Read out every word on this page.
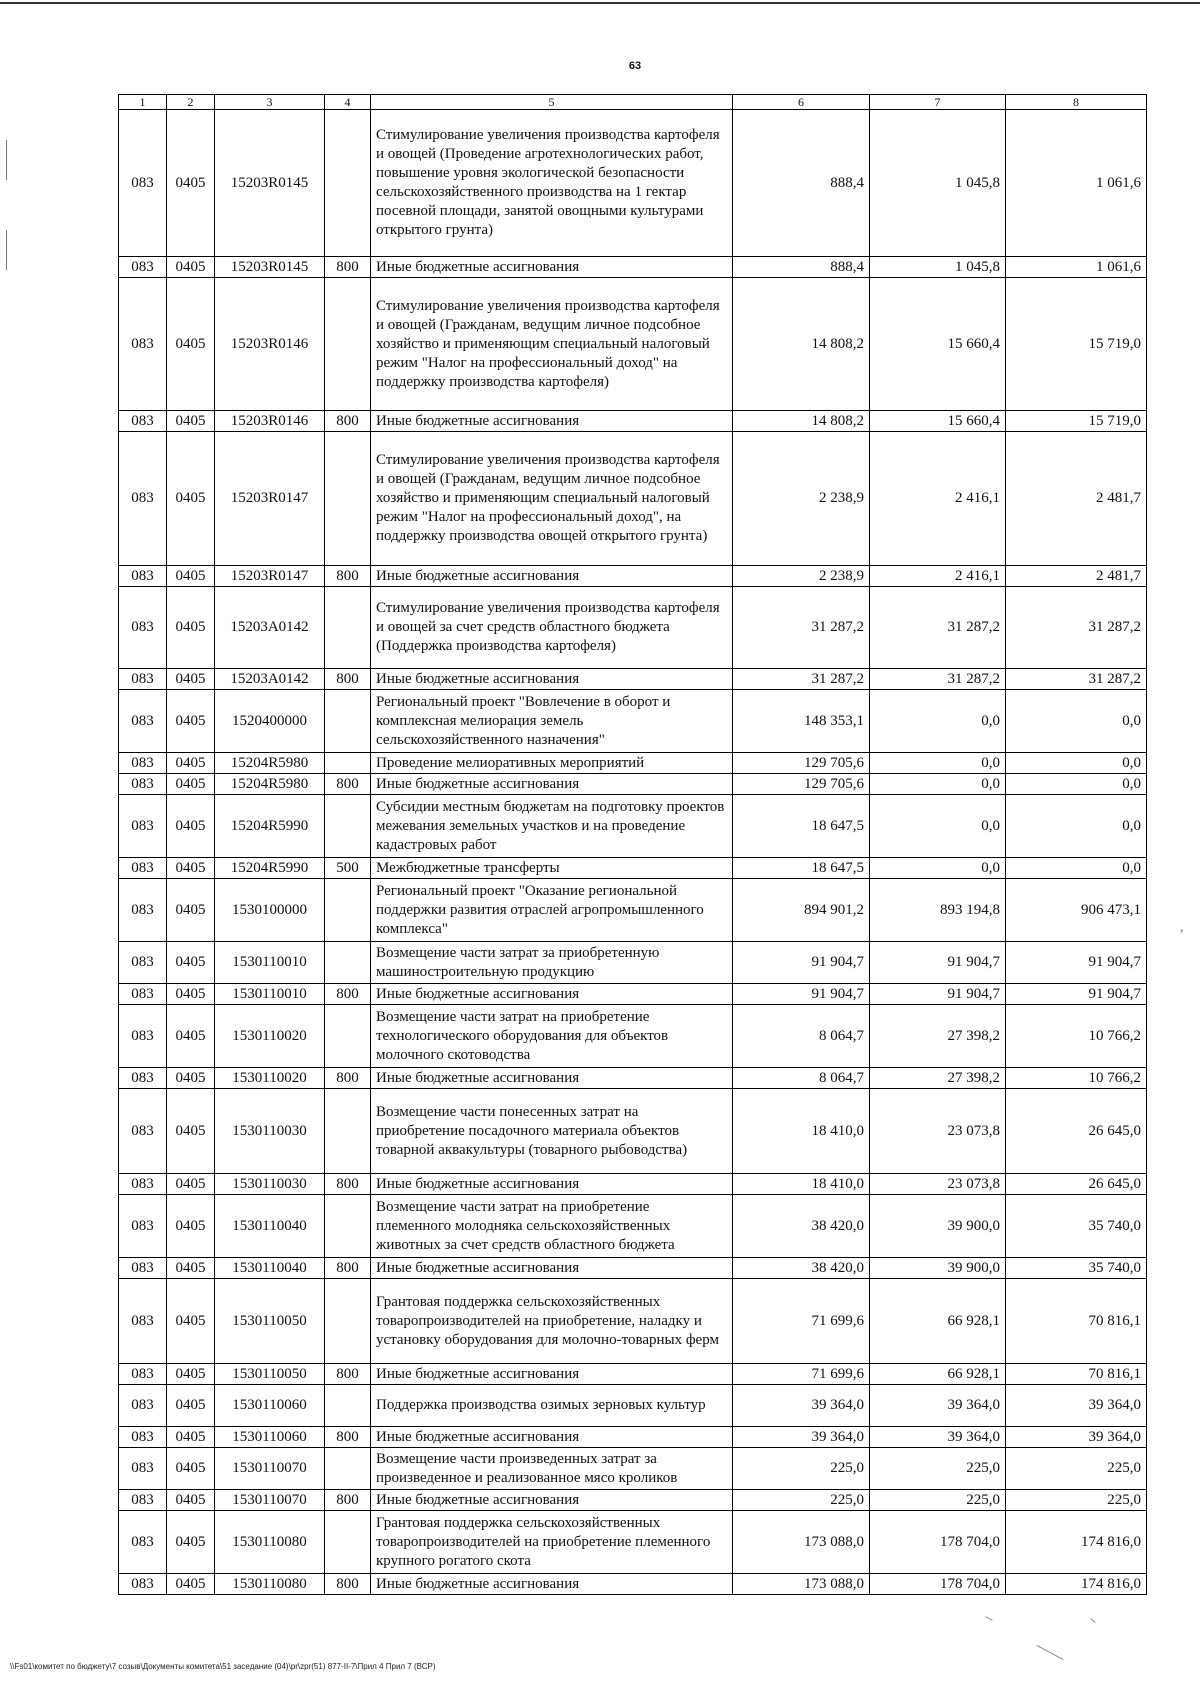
63
1	2	3	4	5	6	7	8
083	0405	15203R0145		Стимулирование увеличения производства картофеля и овощей (Проведение агротехнологических работ, повышение уровня экологической безопасности сельскохозяйственного производства на 1 гектар посевной площади, занятой овощными культурами открытого грунта)	888,4	1 045,8	1 061,6
083	0405	15203R0145	800	Иные бюджетные ассигнования	888,4	1 045,8	1 061,6
083	0405	15203R0146		Стимулирование увеличения производства картофеля и овощей (Гражданам, ведущим личное подсобное хозяйство и применяющим специальный налоговый режим "Налог на профессиональный доход" на поддержку производства картофеля)	14 808,2	15 660,4	15 719,0
083	0405	15203R0146	800	Иные бюджетные ассигнования	14 808,2	15 660,4	15 719,0
083	0405	15203R0147		Стимулирование увеличения производства картофеля и овощей (Гражданам, ведущим личное подсобное хозяйство и применяющим специальный налоговый режим "Налог на профессиональный доход", на поддержку производства овощей открытого грунта)	2 238,9	2 416,1	2 481,7
083	0405	15203R0147	800	Иные бюджетные ассигнования	2 238,9	2 416,1	2 481,7
083	0405	15203A0142		Стимулирование увеличения производства картофеля и овощей за счет средств областного бюджета (Поддержка производства картофеля)	31 287,2	31 287,2	31 287,2
083	0405	15203A0142	800	Иные бюджетные ассигнования	31 287,2	31 287,2	31 287,2
083	0405	1520400000		Региональный проект "Вовлечение в оборот и комплексная мелиорация земель сельскохозяйственного назначения"	148 353,1	0,0	0,0
083	0405	15204R5980		Проведение мелиоративных мероприятий	129 705,6	0,0	0,0
083	0405	15204R5980	800	Иные бюджетные ассигнования	129 705,6	0,0	0,0
083	0405	15204R5990		Субсидии местным бюджетам на подготовку проектов межевания земельных участков и на проведение кадастровых работ	18 647,5	0,0	0,0
083	0405	15204R5990	500	Межбюджетные трансферты	18 647,5	0,0	0,0
083	0405	1530100000		Региональный проект "Оказание региональной поддержки развития отраслей агропромышленного комплекса"	894 901,2	893 194,8	906 473,1
083	0405	1530110010		Возмещение части затрат за приобретенную машиностроительную продукцию	91 904,7	91 904,7	91 904,7
083	0405	1530110010	800	Иные бюджетные ассигнования	91 904,7	91 904,7	91 904,7
083	0405	1530110020		Возмещение части затрат на приобретение технологического оборудования для объектов молочного скотоводства	8 064,7	27 398,2	10 766,2
083	0405	1530110020	800	Иные бюджетные ассигнования	8 064,7	27 398,2	10 766,2
083	0405	1530110030		Возмещение части понесенных затрат на приобретение посадочного материала объектов товарной аквакультуры (товарного рыбоводства)	18 410,0	23 073,8	26 645,0
083	0405	1530110030	800	Иные бюджетные ассигнования	18 410,0	23 073,8	26 645,0
083	0405	1530110040		Возмещение части затрат на приобретение племенного молодняка сельскохозяйственных животных за счет средств областного бюджета	38 420,0	39 900,0	35 740,0
083	0405	1530110040	800	Иные бюджетные ассигнования	38 420,0	39 900,0	35 740,0
083	0405	1530110050		Грантовая поддержка сельскохозяйственных товаропроизводителей на приобретение, наладку и установку оборудования для молочно-товарных ферм	71 699,6	66 928,1	70 816,1
083	0405	1530110050	800	Иные бюджетные ассигнования	71 699,6	66 928,1	70 816,1
083	0405	1530110060		Поддержка производства озимых зерновых культур	39 364,0	39 364,0	39 364,0
083	0405	1530110060	800	Иные бюджетные ассигнования	39 364,0	39 364,0	39 364,0
083	0405	1530110070		Возмещение части произведенных затрат за произведенное и реализованное мясо кроликов	225,0	225,0	225,0
083	0405	1530110070	800	Иные бюджетные ассигнования	225,0	225,0	225,0
083	0405	1530110080		Грантовая поддержка сельскохозяйственных товаропроизводителей на приобретение племенного крупного рогатого скота	173 088,0	178 704,0	174 816,0
083	0405	1530110080	800	Иные бюджетные ассигнования	173 088,0	178 704,0	174 816,0
,
\\Fs01\комитет по бюджету\7 созыв\Документы комитета\51 заседание (04)\pr\zpr(51) 877-II-7\Прил 4 Прил 7 (ВСР)
